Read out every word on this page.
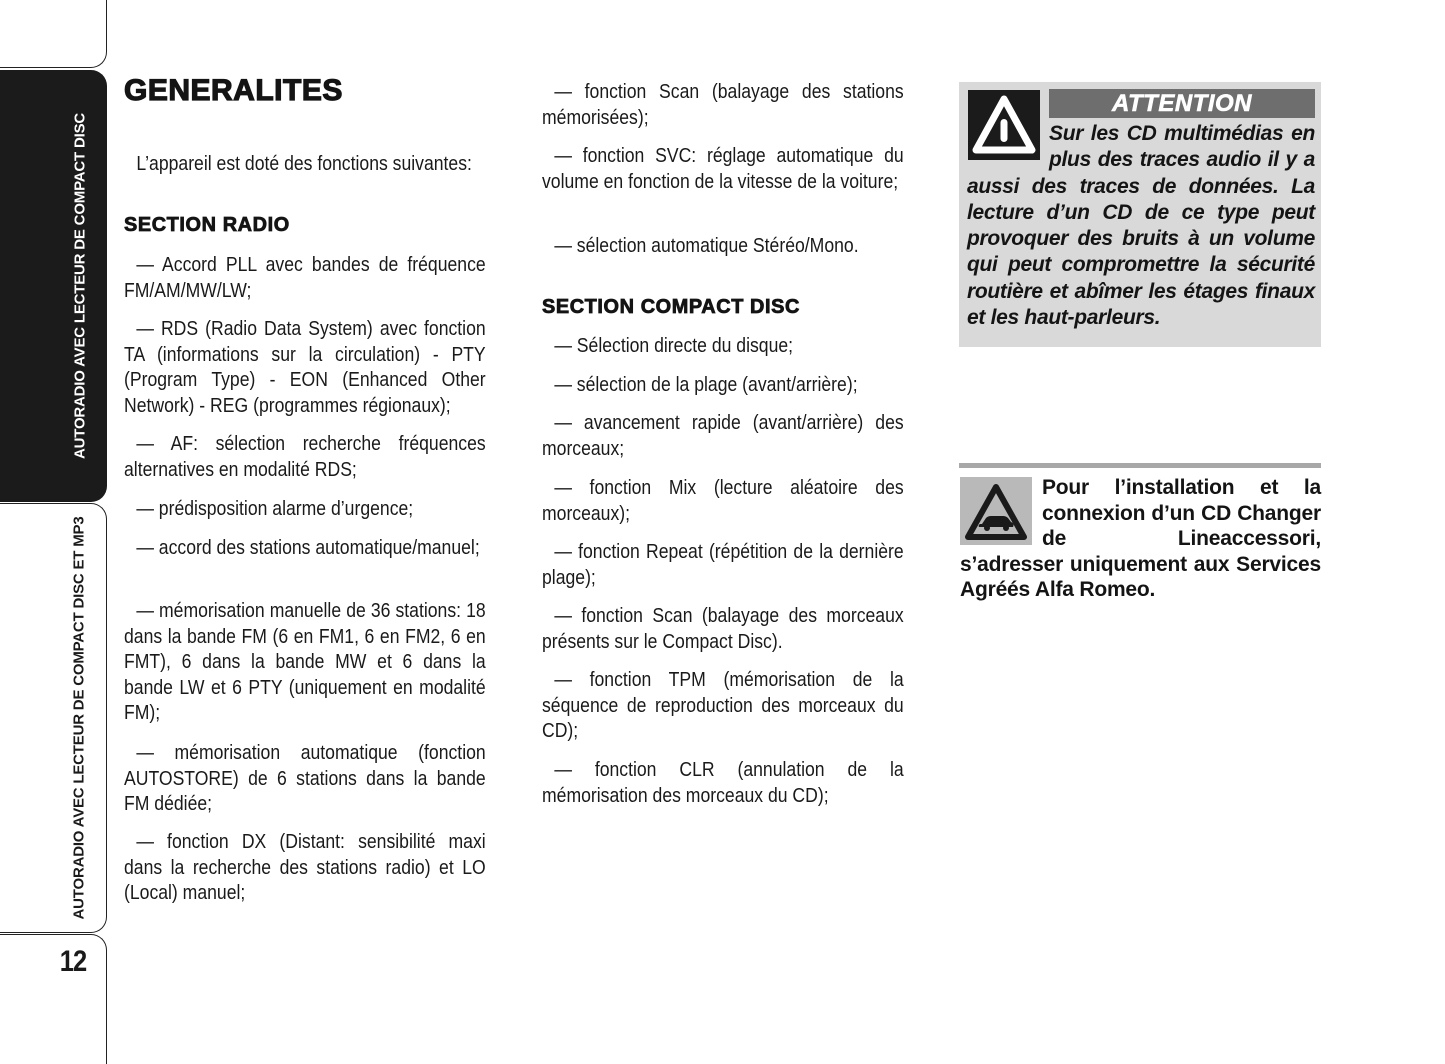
AUTORADIO AVEC LECTEUR DE COMPACT DISC
AUTORADIO AVEC LECTEUR DE COMPACT DISC ET MP3
12
GENERALITES

L’appareil est doté des fonctions suivantes:

SECTION RADIO

— Accord PLL avec bandes de fréquence FM/AM/MW/LW;

— RDS (Radio Data System) avec fonction TA (informations sur la circulation) - PTY (Program Type) - EON (Enhanced Other Network) - REG (programmes régionaux);

— AF: sélection recherche fréquences alternatives en modalité RDS;

— prédisposition alarme d’urgence;

— accord des stations automatique/manuel;

— mémorisation manuelle de 36 stations: 18 dans la bande FM (6 en FM1, 6 en FM2, 6 en FMT), 6 dans la bande MW et 6 dans la bande LW et 6 PTY (uniquement en modalité FM);

— mémorisation automatique (fonction AUTOSTORE) de 6 stations dans la bande FM dédiée;

— fonction DX (Distant: sensibilité maxi dans la recherche des stations radio) et LO (Local) manuel;

— fonction Scan (balayage des stations mémorisées);

— fonction SVC: réglage automatique du volume en fonction de la vitesse de la voiture;

— sélection automatique Stéréo/Mono.

SECTION COMPACT DISC

— Sélection directe du disque;

— sélection de la plage (avant/arrière);

— avancement rapide (avant/arrière) des morceaux;

— fonction Mix (lecture aléatoire des morceaux);

— fonction Repeat (répétition de la dernière plage);

— fonction Scan (balayage des morceaux présents sur le Compact Disc).

— fonction TPM (mémorisation de la séquence de reproduction des morceaux du CD);

— fonction CLR (annulation de la mémorisation des morceaux du CD);

ATTENTION

Sur les CD multimédias en plus des traces audio il y a aussi des traces de données. La lecture d’un CD de ce type peut provoquer des bruits à un volume qui peut compromettre la sécurité routière et abîmer les étages finaux et les haut-parleurs.

Pour l’installation et la connexion d’un CD Changer de Lineaccessori, s’adresser uniquement aux Services Agréés Alfa Romeo.
